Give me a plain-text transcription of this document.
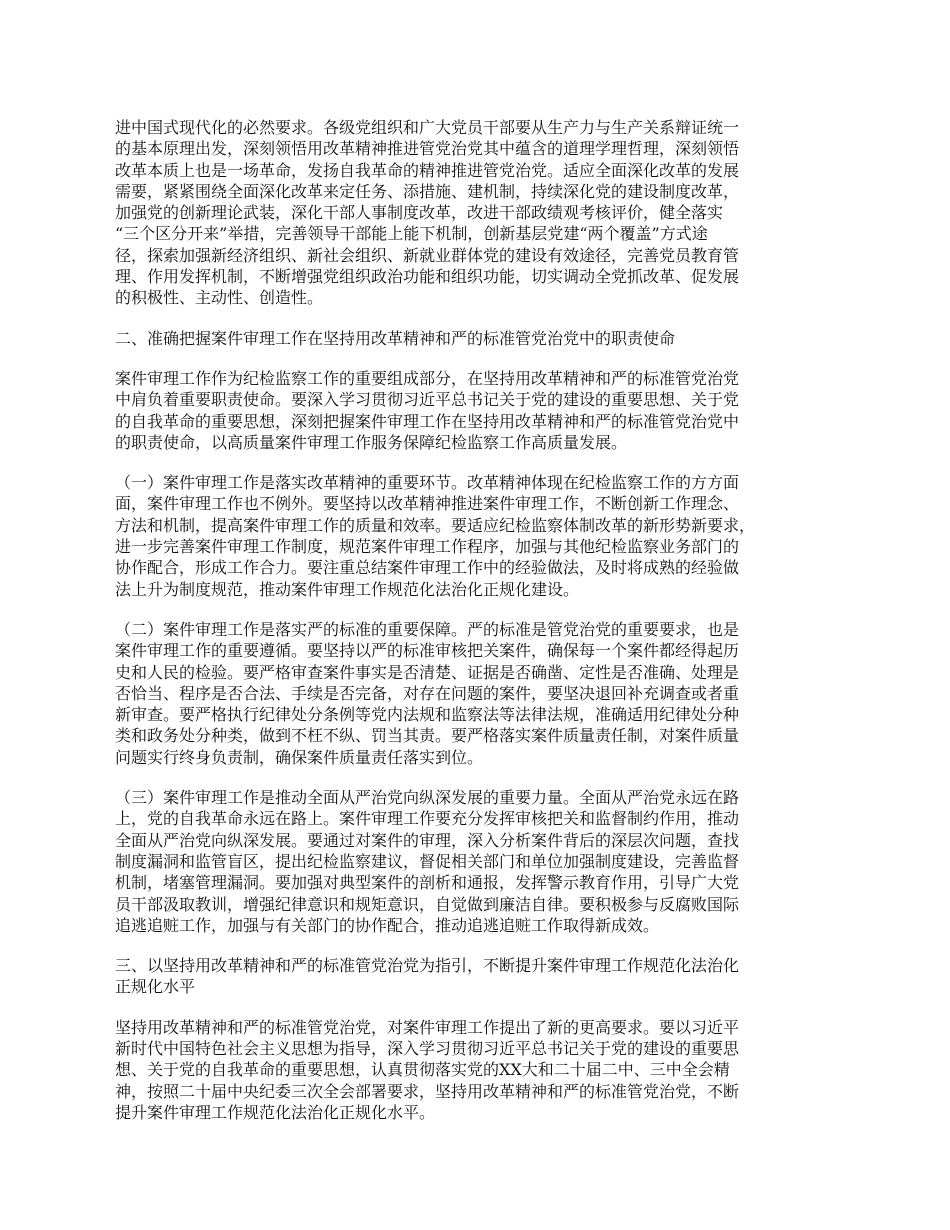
进中国式现代化的必然要求。各级党组织和广大党员干部要从生产力与生产关系辩证统一
的基本原理出发，深刻领悟用改革精神推进管党治党其中蕴含的道理学理哲理，深刻领悟
改革本质上也是一场革命，发扬自我革命的精神推进管党治党。适应全面深化改革的发展
需要，紧紧围绕全面深化改革来定任务、添措施、建机制，持续深化党的建设制度改革，
加强党的创新理论武装，深化干部人事制度改革，改进干部政绩观考核评价，健全落实
“三个区分开来”举措，完善领导干部能上能下机制，创新基层党建“两个覆盖”方式途
径，探索加强新经济组织、新社会组织、新就业群体党的建设有效途径，完善党员教育管
理、作用发挥机制，不断增强党组织政治功能和组织功能，切实调动全党抓改革、促发展
的积极性、主动性、创造性。
二、准确把握案件审理工作在坚持用改革精神和严的标准管党治党中的职责使命
案件审理工作作为纪检监察工作的重要组成部分，在坚持用改革精神和严的标准管党治党
中肩负着重要职责使命。要深入学习贯彻习近平总书记关于党的建设的重要思想、关于党
的自我革命的重要思想，深刻把握案件审理工作在坚持用改革精神和严的标准管党治党中
的职责使命，以高质量案件审理工作服务保障纪检监察工作高质量发展。
（一）案件审理工作是落实改革精神的重要环节。改革精神体现在纪检监察工作的方方面
面，案件审理工作也不例外。要坚持以改革精神推进案件审理工作，不断创新工作理念、
方法和机制，提高案件审理工作的质量和效率。要适应纪检监察体制改革的新形势新要求，
进一步完善案件审理工作制度，规范案件审理工作程序，加强与其他纪检监察业务部门的
协作配合，形成工作合力。要注重总结案件审理工作中的经验做法，及时将成熟的经验做
法上升为制度规范，推动案件审理工作规范化法治化正规化建设。
（二）案件审理工作是落实严的标准的重要保障。严的标准是管党治党的重要要求，也是
案件审理工作的重要遵循。要坚持以严的标准审核把关案件，确保每一个案件都经得起历
史和人民的检验。要严格审查案件事实是否清楚、证据是否确凿、定性是否准确、处理是
否恰当、程序是否合法、手续是否完备，对存在问题的案件，要坚决退回补充调查或者重
新审查。要严格执行纪律处分条例等党内法规和监察法等法律法规，准确适用纪律处分种
类和政务处分种类，做到不枉不纵、罚当其责。要严格落实案件质量责任制，对案件质量
问题实行终身负责制，确保案件质量责任落实到位。
（三）案件审理工作是推动全面从严治党向纵深发展的重要力量。全面从严治党永远在路
上，党的自我革命永远在路上。案件审理工作要充分发挥审核把关和监督制约作用，推动
全面从严治党向纵深发展。要通过对案件的审理，深入分析案件背后的深层次问题，查找
制度漏洞和监管盲区，提出纪检监察建议，督促相关部门和单位加强制度建设，完善监督
机制，堵塞管理漏洞。要加强对典型案件的剖析和通报，发挥警示教育作用，引导广大党
员干部汲取教训，增强纪律意识和规矩意识，自觉做到廉洁自律。要积极参与反腐败国际
追逃追赃工作，加强与有关部门的协作配合，推动追逃追赃工作取得新成效。
三、以坚持用改革精神和严的标准管党治党为指引，不断提升案件审理工作规范化法治化
正规化水平
坚持用改革精神和严的标准管党治党，对案件审理工作提出了新的更高要求。要以习近平
新时代中国特色社会主义思想为指导，深入学习贯彻习近平总书记关于党的建设的重要思
想、关于党的自我革命的重要思想，认真贯彻落实党的XX大和二十届二中、三中全会精
神，按照二十届中央纪委三次全会部署要求，坚持用改革精神和严的标准管党治党，不断
提升案件审理工作规范化法治化正规化水平。
